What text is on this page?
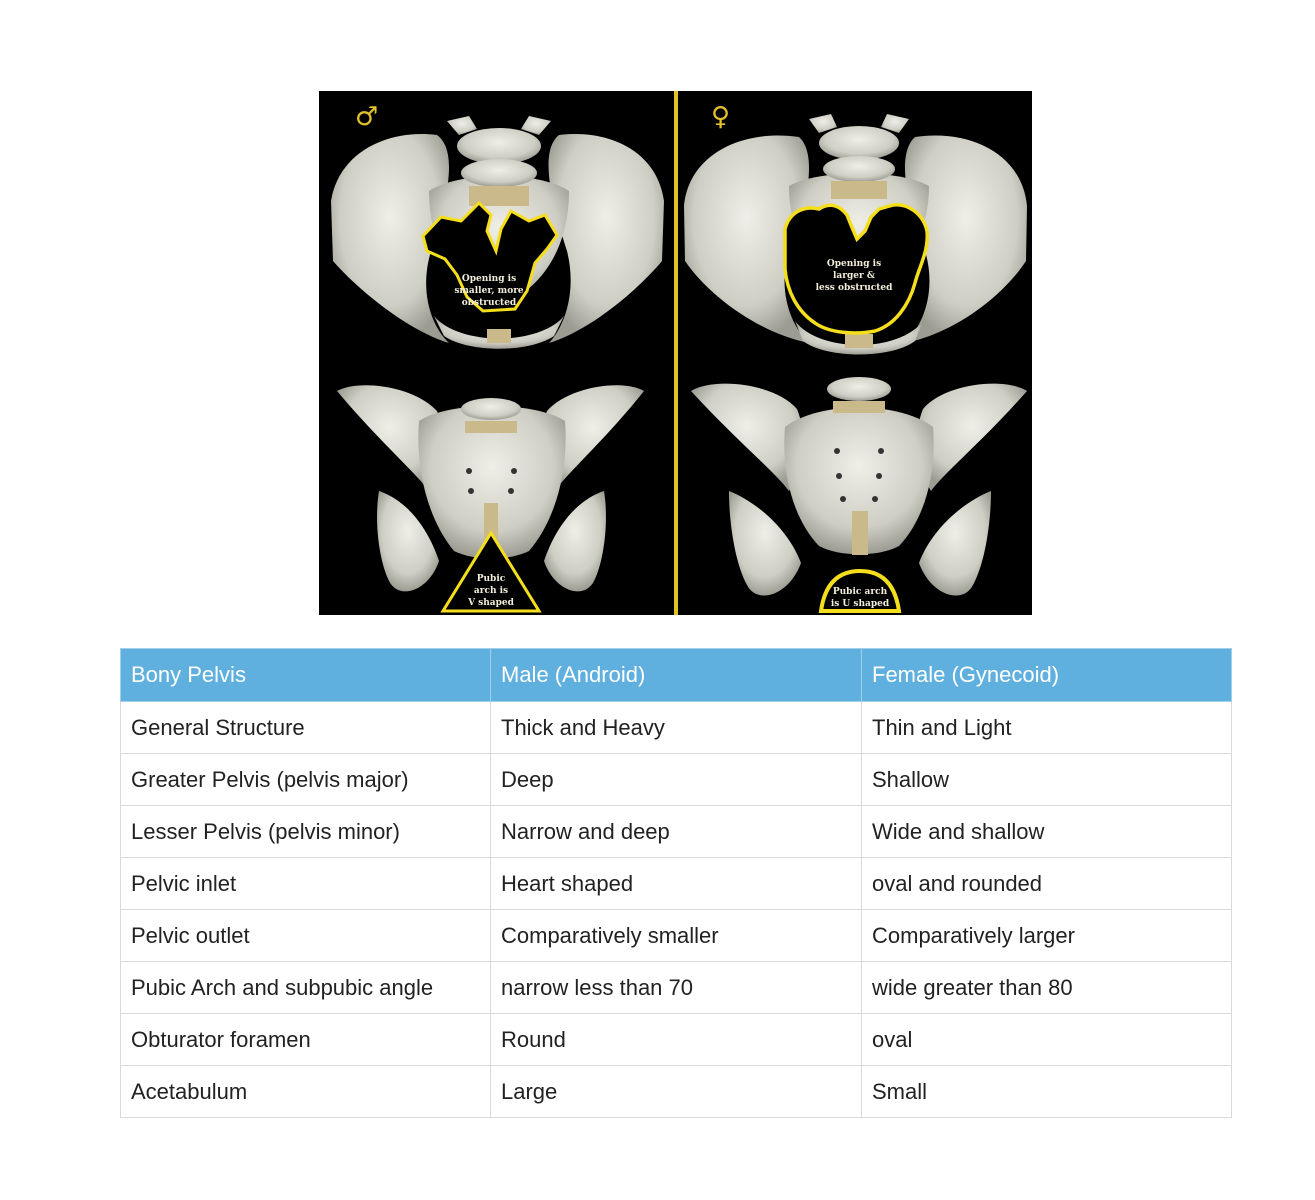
Opening is
smaller, more
obstructed
♂
Opening is
larger &
less obstructed
♀
Pubic
arch is
V shaped
Pubic arch
is U shaped
Bony Pelvis	Male (Android)	Female (Gynecoid)
General Structure	Thick and Heavy	Thin and Light
Greater Pelvis (pelvis major)	Deep	Shallow
Lesser Pelvis (pelvis minor)	Narrow and deep	Wide and shallow
Pelvic inlet	Heart shaped	oval and rounded
Pelvic outlet	Comparatively smaller	Comparatively larger
Pubic Arch and subpubic angle	narrow less than 70	wide greater than 80
Obturator foramen	Round	oval
Acetabulum	Large	Small
